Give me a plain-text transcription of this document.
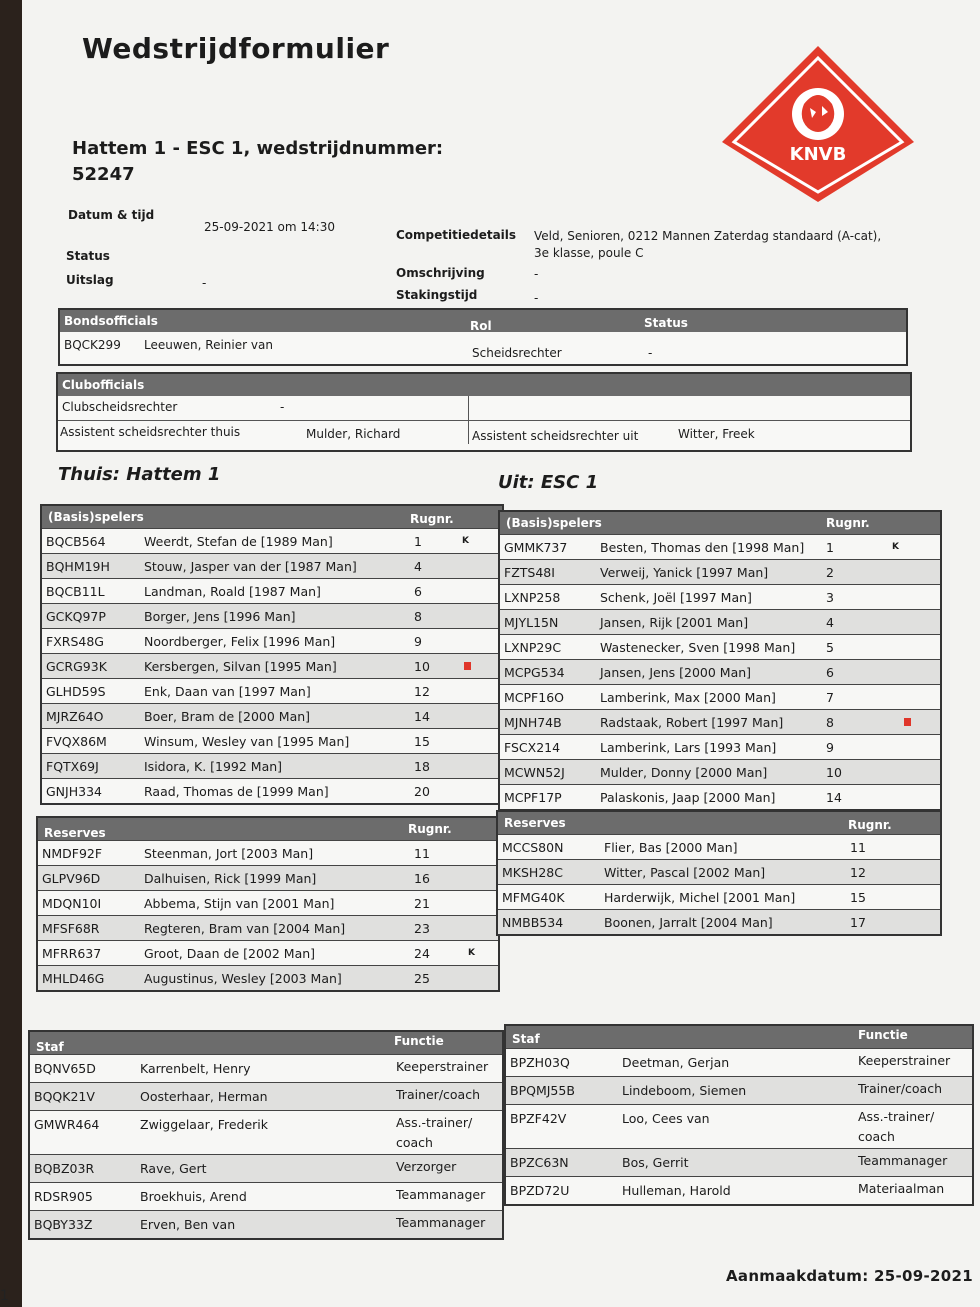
Wedstrijdformulier
Hattem 1 - ESC 1, wedstrijdnummer: 52247
KNVB
Datum & tijd
25-09-2021 om 14:30
Status
Uitslag	-
Competitiedetails Veld, Senioren, 0212 Mannen Zaterdag standaard (A-cat),
3e klasse, poule C
Omschrijving	-
Stakingstijd	-
Bondsofficials	Rol	Status
BQCK299 Leeuwen, Reinier van
Scheidsrechter	-
Clubofficials
Clubscheidsrechter	-
Assistent scheidsrechter thuis	Mulder, Richard	Assistent scheidsrechter uit	Witter, Freek
Thuis: Hattem 1	Uit: ESC 1
(Basis)spelers	Rugnr.
BQCB564	Weerdt, Stefan de [1989 Man]	1	K
BQHM19H	Stouw, Jasper van der [1987 Man]	4
BQCB11L	Landman, Roald [1987 Man]	6
GCKQ97P	Borger, Jens [1996 Man]	8
FXRS48G	Noordberger, Felix [1996 Man]	9
GCRG93K	Kersbergen, Silvan [1995 Man]	10
GLHD59S	Enk, Daan van [1997 Man]	12
MJRZ64O	Boer, Bram de [2000 Man]	14
FVQX86M	Winsum, Wesley van [1995 Man]	15
FQTX69J	Isidora, K. [1992 Man]	18
GNJH334	Raad, Thomas de [1999 Man]	20
(Basis)spelers	Rugnr.
GMMK737	Besten, Thomas den [1998 Man] 1	K
FZTS48I	Verweij, Yanick [1997 Man]	2
LXNP258	Schenk, Joël [1997 Man]	3
MJYL15N	Jansen, Rijk [2001 Man]	4
LXNP29C	Wastenecker, Sven [1998 Man] 5
MCPG534	Jansen, Jens [2000 Man]	6
MCPF16O	Lamberink, Max [2000 Man]	7
MJNH74B	Radstaak, Robert [1997 Man]	8
FSCX214	Lamberink, Lars [1993 Man]	9
MCWN52J	Mulder, Donny [2000 Man]	10
MCPF17P	Palaskonis, Jaap [2000 Man]	14
Reserves	Rugnr.
NMDF92F	Steenman, Jort [2003 Man]	11
GLPV96D	Dalhuisen, Rick [1999 Man]	16
MDQN10I	Abbema, Stijn van [2001 Man]	21
MFSF68R	Regteren, Bram van [2004 Man]	23
MFRR637	Groot, Daan de [2002 Man]	24	K
MHLD46G	Augustinus, Wesley [2003 Man]	25
Reserves	Rugnr.
MCCS80N	Flier, Bas [2000 Man]	11
MKSH28C	Witter, Pascal [2002 Man]	12
MFMG40K	Harderwijk, Michel [2001 Man]	15
NMBB534	Boonen, Jarralt [2004 Man]	17
Staf	Functie
BQNV65D	Karrenbelt, Henry	Keeperstrainer
BQQK21V	Oosterhaar, Herman	Trainer/coach
GMWR464	Zwiggelaar, Frederik	Ass.-trainer/ coach
BQBZ03R	Rave, Gert	Verzorger
RDSR905	Broekhuis, Arend	Teammanager
BQBY33Z	Erven, Ben van	Teammanager
Staf	Functie
BPZH03Q	Deetman, Gerjan	Keeperstrainer
BPQMJ55B	Lindeboom, Siemen	Trainer/coach
BPZF42V	Loo, Cees van	Ass.-trainer/ coach
BPZC63N	Bos, Gerrit	Teammanager
BPZD72U	Hulleman, Harold	Materiaalman
Aanmaakdatum: 25-09-2021
1
